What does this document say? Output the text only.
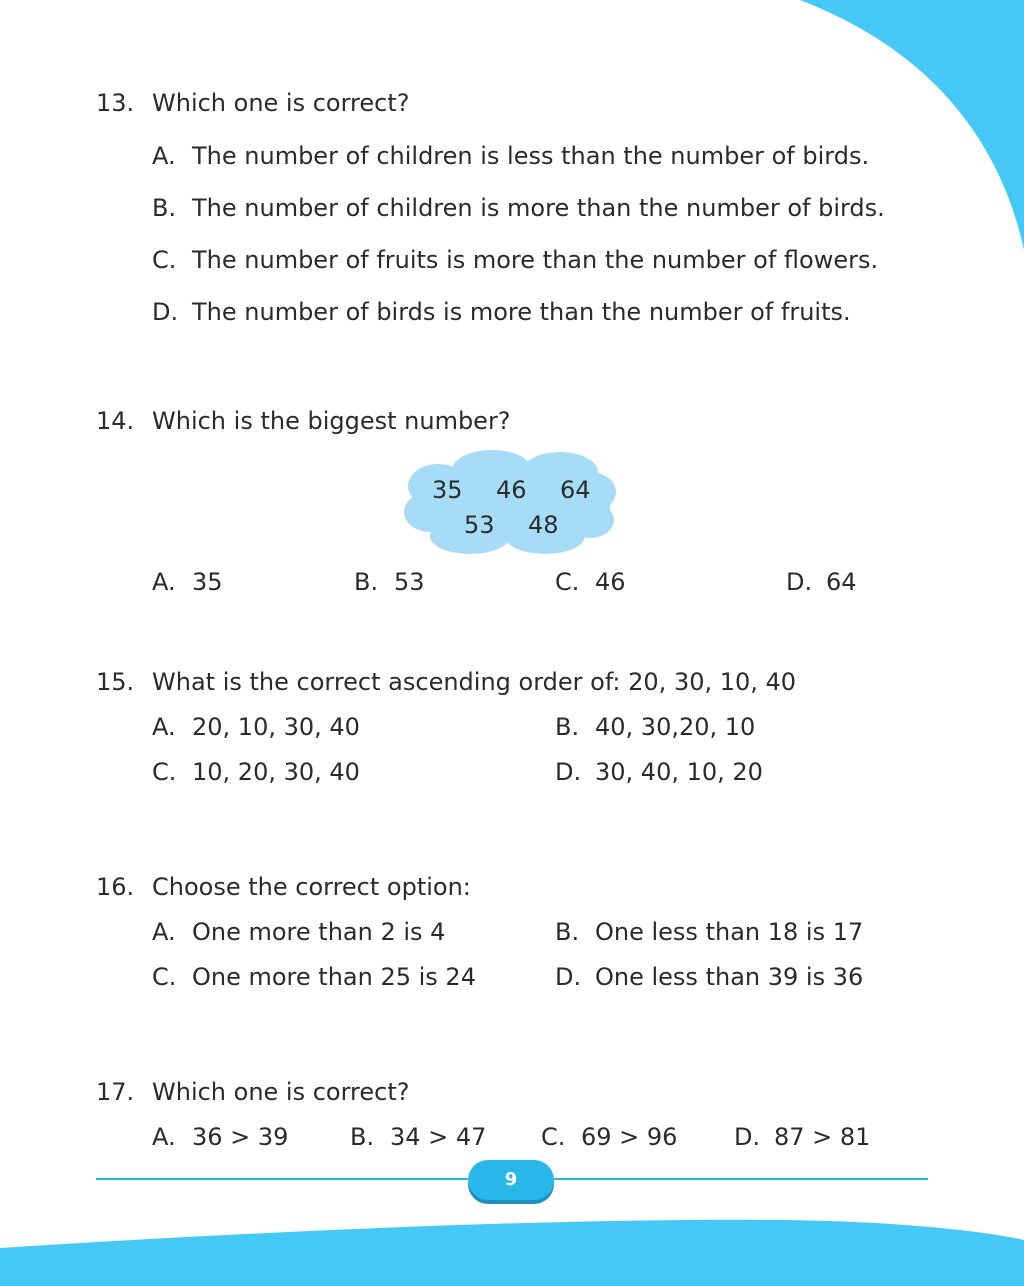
13. Which one is correct?
A. The number of children is less than the number of birds.
B. The number of children is more than the number of birds.
C. The number of fruits is more than the number of flowers.
D. The number of birds is more than the number of fruits.
14. Which is the biggest number?
35 46 64
53 48
A. 35	B. 53	C. 46	D. 64
15. What is the correct ascending order of: 20, 30, 10, 40
A. 20, 10, 30, 40	B. 40, 30,20, 10
C. 10, 20, 30, 40	D. 30, 40, 10, 20
16. Choose the correct option:
A. One more than 2 is 4	B. One less than 18 is 17
C. One more than 25 is 24	D. One less than 39 is 36
17. Which one is correct?
A. 36 > 39	B. 34 > 47 C. 69 > 96 D. 87 > 81
9
